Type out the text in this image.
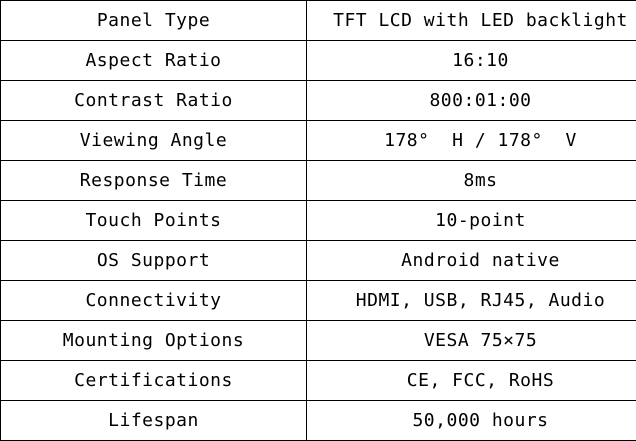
Panel Type	TFT LCD with LED backlight
Aspect Ratio	16:10
Contrast Ratio	800:01:00
Viewing Angle	178°  H / 178°  V
Response Time	8ms
Touch Points	10-point
OS Support	Android native
Connectivity	HDMI, USB, RJ45, Audio
Mounting Options	VESA 75×75
Certifications	CE, FCC, RoHS
Lifespan	50,000 hours
